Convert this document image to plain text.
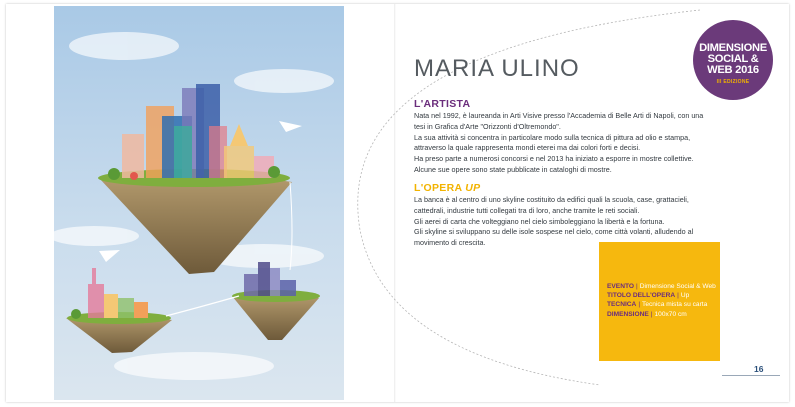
MARIA ULINO
L'ARTISTA

Nata nel 1992, è laureanda in Arti Visive presso l'Accademia di Belle Arti di Napoli, con una tesi in Grafica d'Arte "Orizzonti d'Oltremondo".

La sua attività si concentra in particolare modo sulla tecnica di pittura ad olio e stampa, attraverso la quale rappresenta mondi eterei ma dai colori forti e decisi.

Ha preso parte a numerosi concorsi e nel 2013 ha iniziato a esporre in mostre collettive. Alcune sue opere sono state pubblicate in cataloghi di mostre.

L'OPERA UP

La banca è al centro di uno skyline costituito da edifici quali la scuola, case, grattacieli, cattedrali, industrie tutti collegati tra di loro, anche tramite le reti sociali.

Gli aerei di carta che volteggiano nel cielo simboleggiano la libertà e la fortuna.

Gli skyline si sviluppano su delle isole sospese nel cielo, come città volanti, alludendo al movimento di crescita.

DIMENSIONE
SOCIAL &
WEB 2016
III EDIZIONE
EVENTO | Dimensione Social & Web
TITOLO DELL'OPERA | Up
TECNICA | Tecnica mista su carta
DIMENSIONE | 100x70 cm
16
